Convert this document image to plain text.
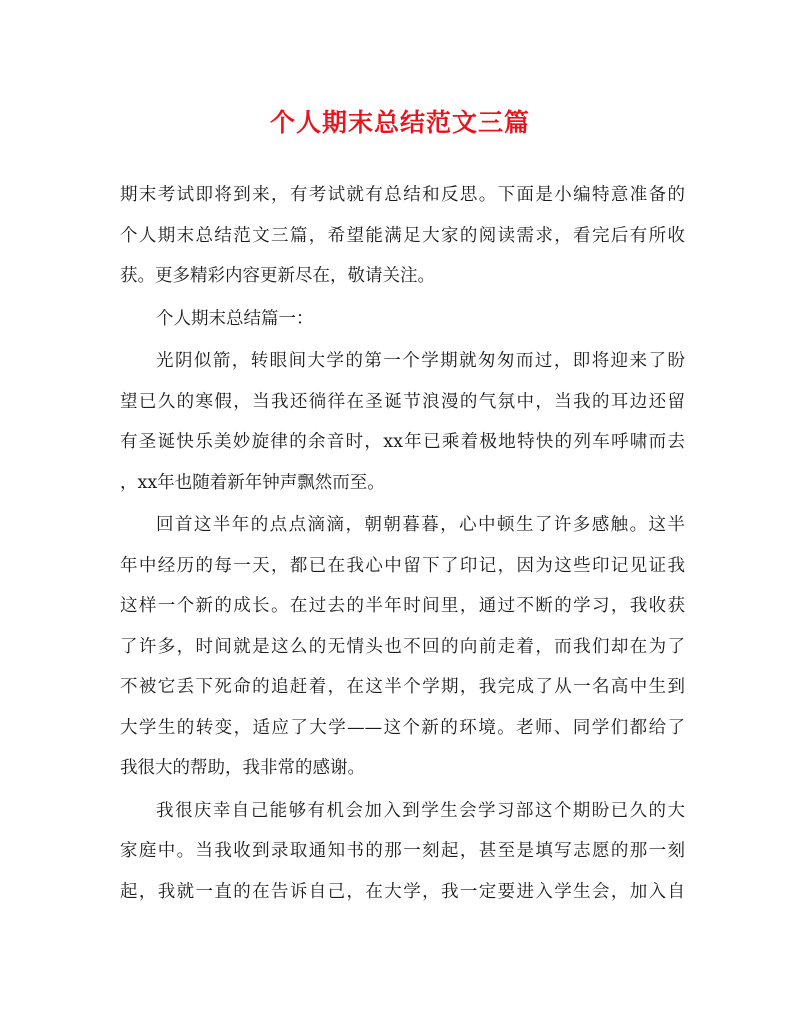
个人期末总结范文三篇

期末考试即将到来，有考试就有总结和反思。下面是小编特意准备的
个人期末总结范文三篇，希望能满足大家的阅读需求，看完后有所收
获。更多精彩内容更新尽在，敬请关注。

个人期末总结篇一：

光阴似箭，转眼间大学的第一个学期就匆匆而过，即将迎来了盼
望已久的寒假，当我还徜徉在圣诞节浪漫的气氛中，当我的耳边还留
有圣诞快乐美妙旋律的余音时，xx年已乘着极地特快的列车呼啸而去
，xx年也随着新年钟声飘然而至。

回首这半年的点点滴滴，朝朝暮暮，心中顿生了许多感触。这半
年中经历的每一天，都已在我心中留下了印记，因为这些印记见证我
这样一个新的成长。在过去的半年时间里，通过不断的学习，我收获
了许多，时间就是这么的无情头也不回的向前走着，而我们却在为了
不被它丢下死命的追赶着，在这半个学期，我完成了从一名高中生到
大学生的转变，适应了大学——这个新的环境。老师、同学们都给了
我很大的帮助，我非常的感谢。

我很庆幸自己能够有机会加入到学生会学习部这个期盼已久的大
家庭中。当我收到录取通知书的那一刻起，甚至是填写志愿的那一刻
起，我就一直的在告诉自己，在大学，我一定要进入学生会，加入自
